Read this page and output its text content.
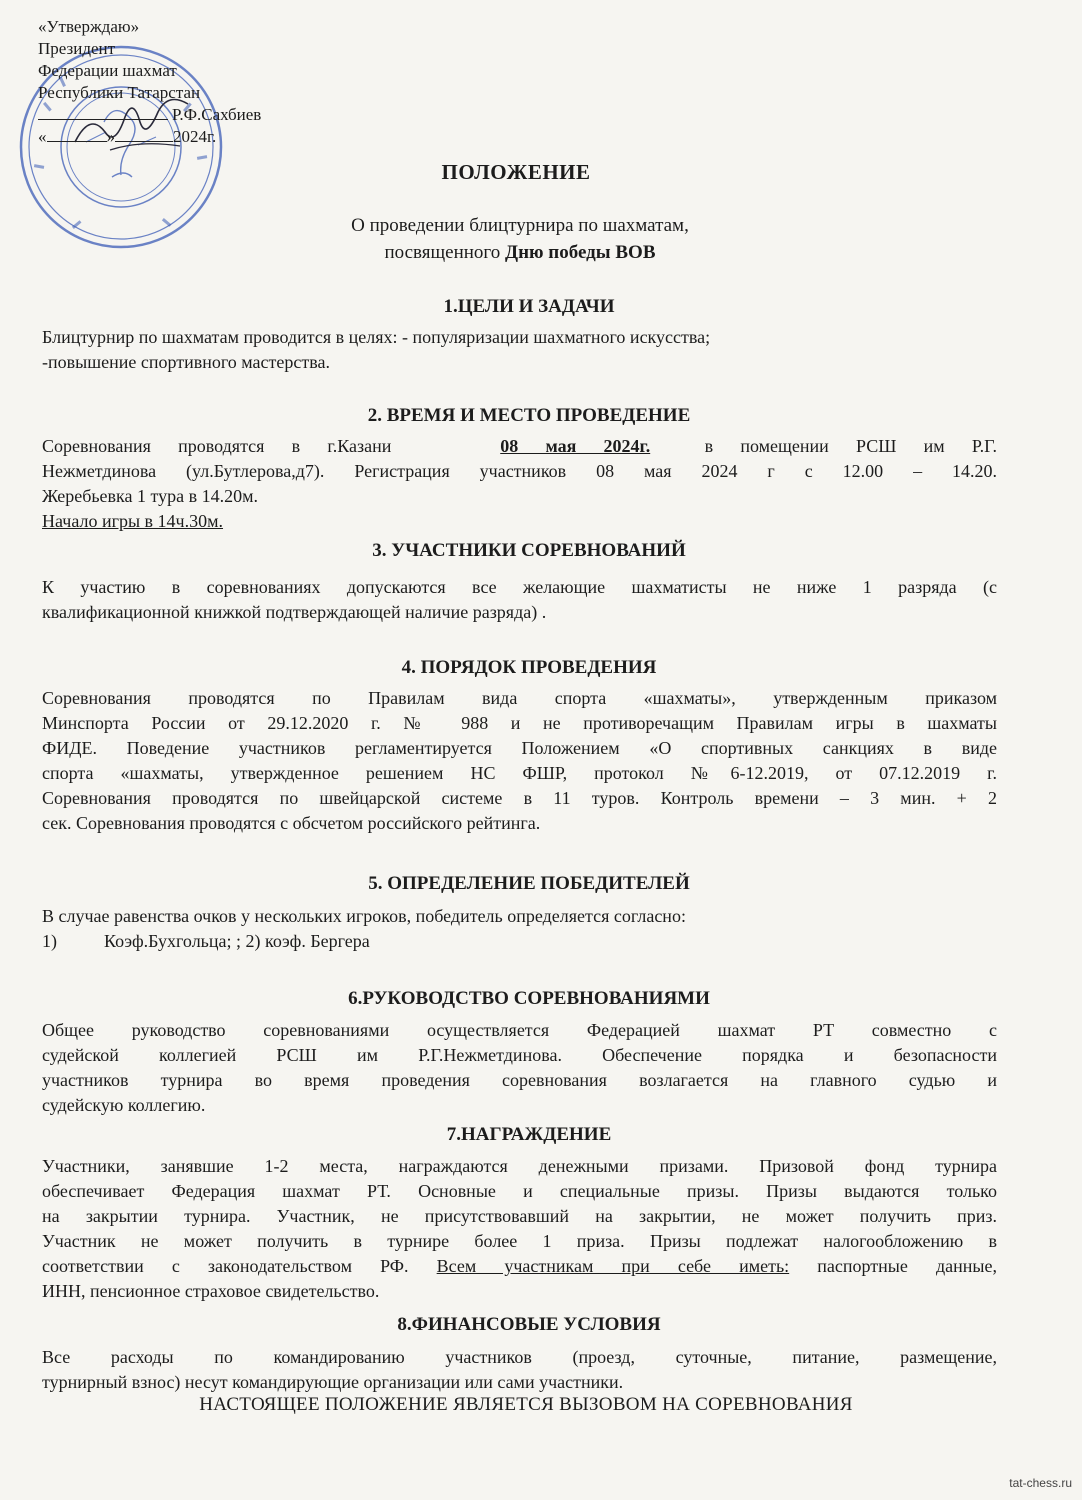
«Утверждаю»
Президент
Федерации шахмат
Республики Татарстан
Р.Ф.Сахбиев
«	»	2024г.
ПОЛОЖЕНИЕ
О проведении блицтурнира по шахматам,
посвященного Дню победы ВОВ
1.ЦЕЛИ И ЗАДАЧИ
Блицтурнир по шахматам проводится в целях: - популяризации шахматного искусства;
-повышение спортивного мастерства.
2. ВРЕМЯ И МЕСТО ПРОВЕДЕНИЕ
Соревнования проводятся в г.Казани	08 мая 2024г.	в помещении РСШ им Р.Г.
Нежметдинова (ул.Бутлерова,д7). Регистрация участников 08 мая 2024 г с 12.00 – 14.20.
Жеребьевка 1 тура в 14.20м.
Начало игры в 14ч.30м.
3. УЧАСТНИКИ СОРЕВНОВАНИЙ
К участию в соревнованиях допускаются все желающие шахматисты не ниже 1 разряда (с
квалификационной книжкой подтверждающей наличие разряда) .
4. ПОРЯДОК ПРОВЕДЕНИЯ
Соревнования проводятся по Правилам вида спорта «шахматы», утвержденным приказом
Минспорта России от 29.12.2020 г. № 988 и не противоречащим Правилам игры в шахматы
ФИДЕ. Поведение участников регламентируется Положением «О спортивных санкциях в виде
спорта «шахматы, утвержденное решением НС ФШР, протокол №6-12.2019, от 07.12.2019 г.
Соревнования проводятся по швейцарской системе в 11 туров. Контроль времени – 3 мин. + 2
сек. Соревнования проводятся с обсчетом российского рейтинга.
5. ОПРЕДЕЛЕНИЕ ПОБЕДИТЕЛЕЙ
В случае равенства очков у нескольких игроков, победитель определяется согласно:
1)	Коэф.Бухгольца; ; 2) коэф. Бергера
6.РУКОВОДСТВО СОРЕВНОВАНИЯМИ
Общее руководство соревнованиями осуществляется Федерацией шахмат РТ совместно с
судейской коллегией РСШ им Р.Г.Нежметдинова. Обеспечение порядка и безопасности
участников турнира во время проведения соревнования возлагается на главного судью и
судейскую коллегию.
7.НАГРАЖДЕНИЕ
Участники, занявшие 1-2 места, награждаются денежными призами. Призовой фонд турнира
обеспечивает Федерация шахмат РТ. Основные и специальные призы. Призы выдаются только
на закрытии турнира. Участник, не присутствовавший на закрытии, не может получить приз.
Участник не может получить в турнире более 1 приза. Призы подлежат налогообложению в
соответствии с законодательством РФ. Всем участникам при себе иметь: паспортные данные,
ИНН, пенсионное страховое свидетельство.
8.ФИНАНСОВЫЕ УСЛОВИЯ
Все расходы по командированию участников (проезд, суточные, питание, размещение,
турнирный взнос) несут командирующие организации или сами участники.
НАСТОЯЩЕЕ ПОЛОЖЕНИЕ ЯВЛЯЕТСЯ ВЫЗОВОМ НА СОРЕВНОВАНИЯ
tat-chess.ru
